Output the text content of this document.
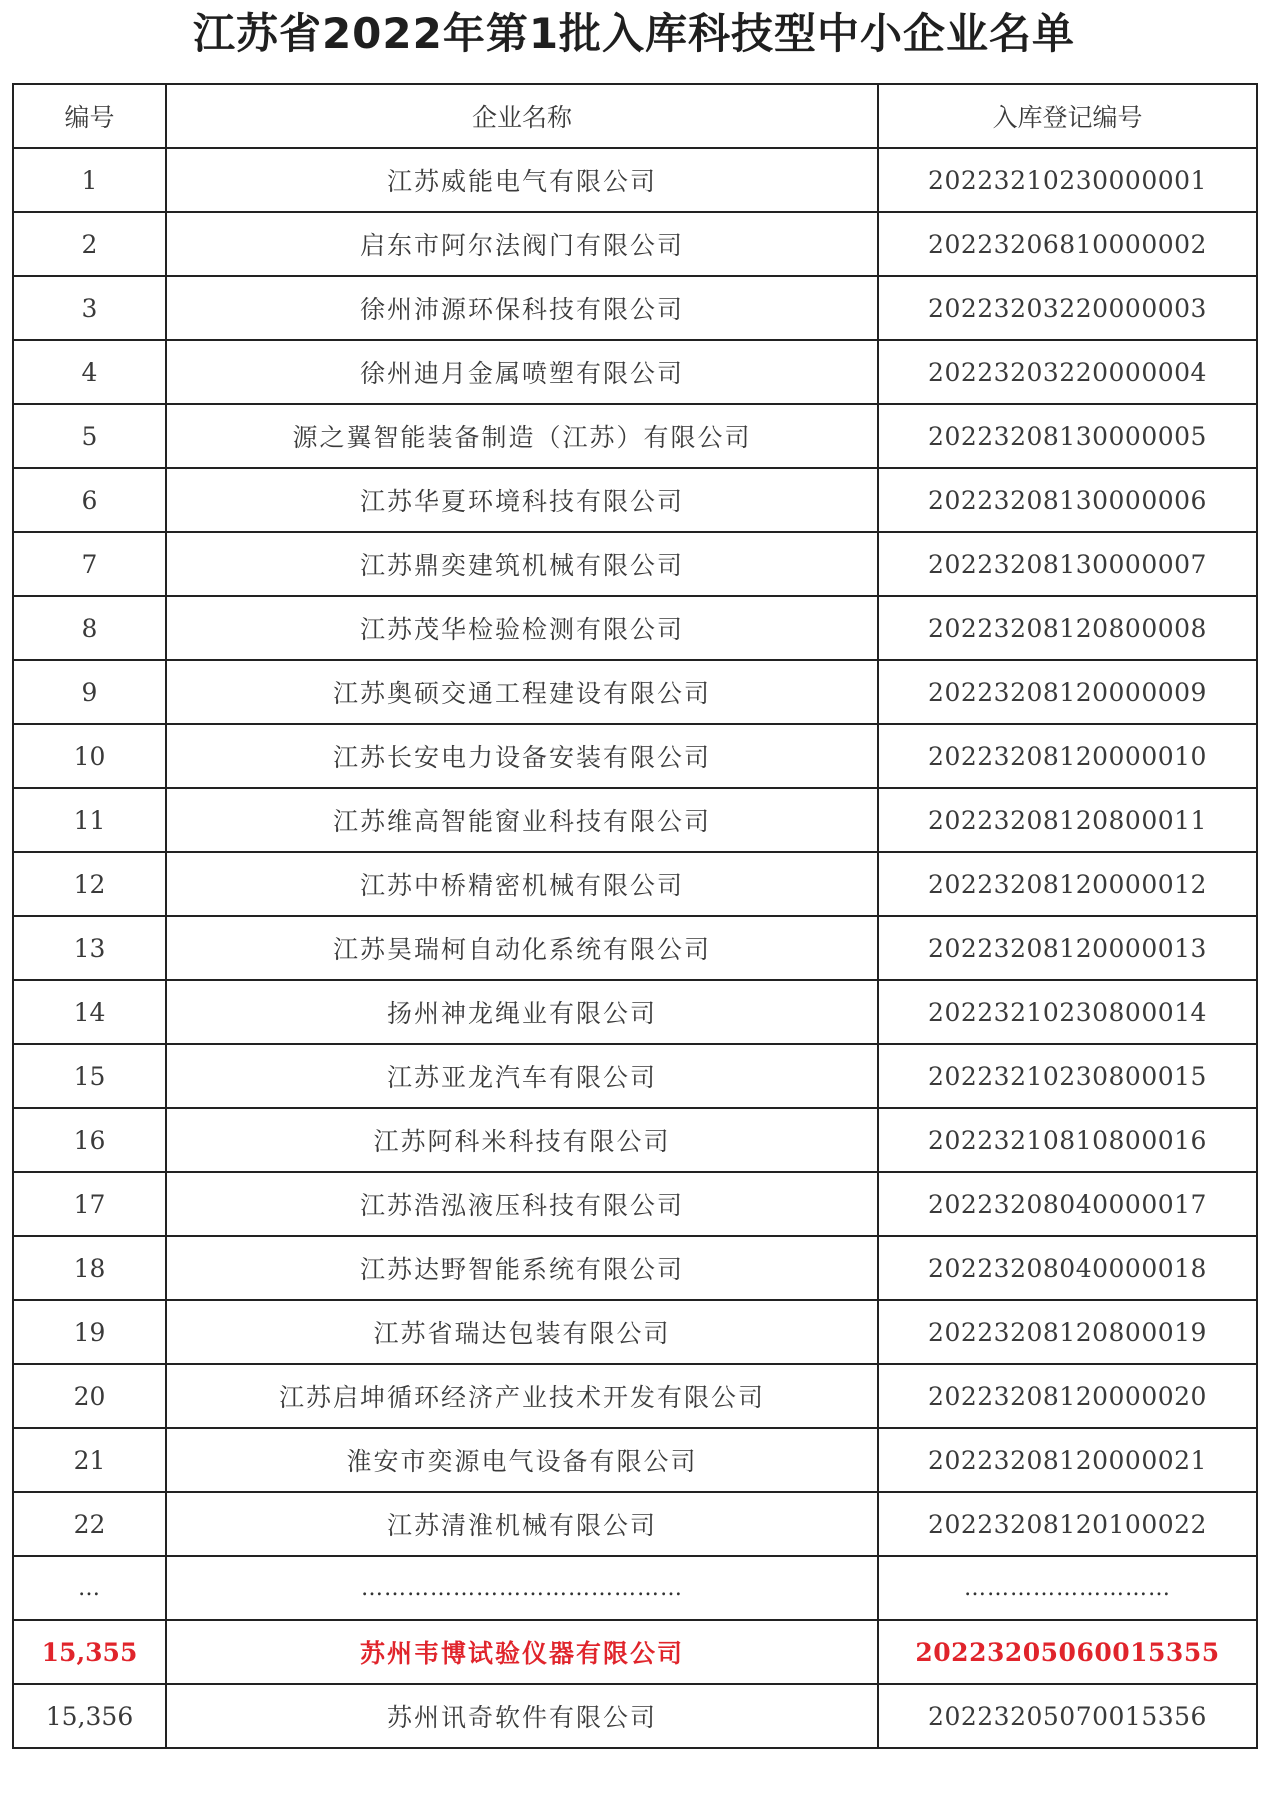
江苏省2022年第1批入库科技型中小企业名单
编号	企业名称	入库登记编号
1	江苏威能电气有限公司	20223210230000001
2	启东市阿尔法阀门有限公司	20223206810000002
3	徐州沛源环保科技有限公司	20223203220000003
4	徐州迪月金属喷塑有限公司	20223203220000004
5	源之翼智能装备制造（江苏）有限公司	20223208130000005
6	江苏华夏环境科技有限公司	20223208130000006
7	江苏鼎奕建筑机械有限公司	20223208130000007
8	江苏茂华检验检测有限公司	20223208120800008
9	江苏奥硕交通工程建设有限公司	20223208120000009
10	江苏长安电力设备安装有限公司	20223208120000010
11	江苏维高智能窗业科技有限公司	20223208120800011
12	江苏中桥精密机械有限公司	20223208120000012
13	江苏昊瑞柯自动化系统有限公司	20223208120000013
14	扬州神龙绳业有限公司	20223210230800014
15	江苏亚龙汽车有限公司	20223210230800015
16	江苏阿科米科技有限公司	20223210810800016
17	江苏浩泓液压科技有限公司	20223208040000017
18	江苏达野智能系统有限公司	20223208040000018
19	江苏省瑞达包装有限公司	20223208120800019
20	江苏启坤循环经济产业技术开发有限公司	20223208120000020
21	淮安市奕源电气设备有限公司	20223208120000021
22	江苏清淮机械有限公司	20223208120100022
…	……………………………………	………………………
15,355	苏州韦博试验仪器有限公司	20223205060015355
15,356	苏州讯奇软件有限公司	20223205070015356
